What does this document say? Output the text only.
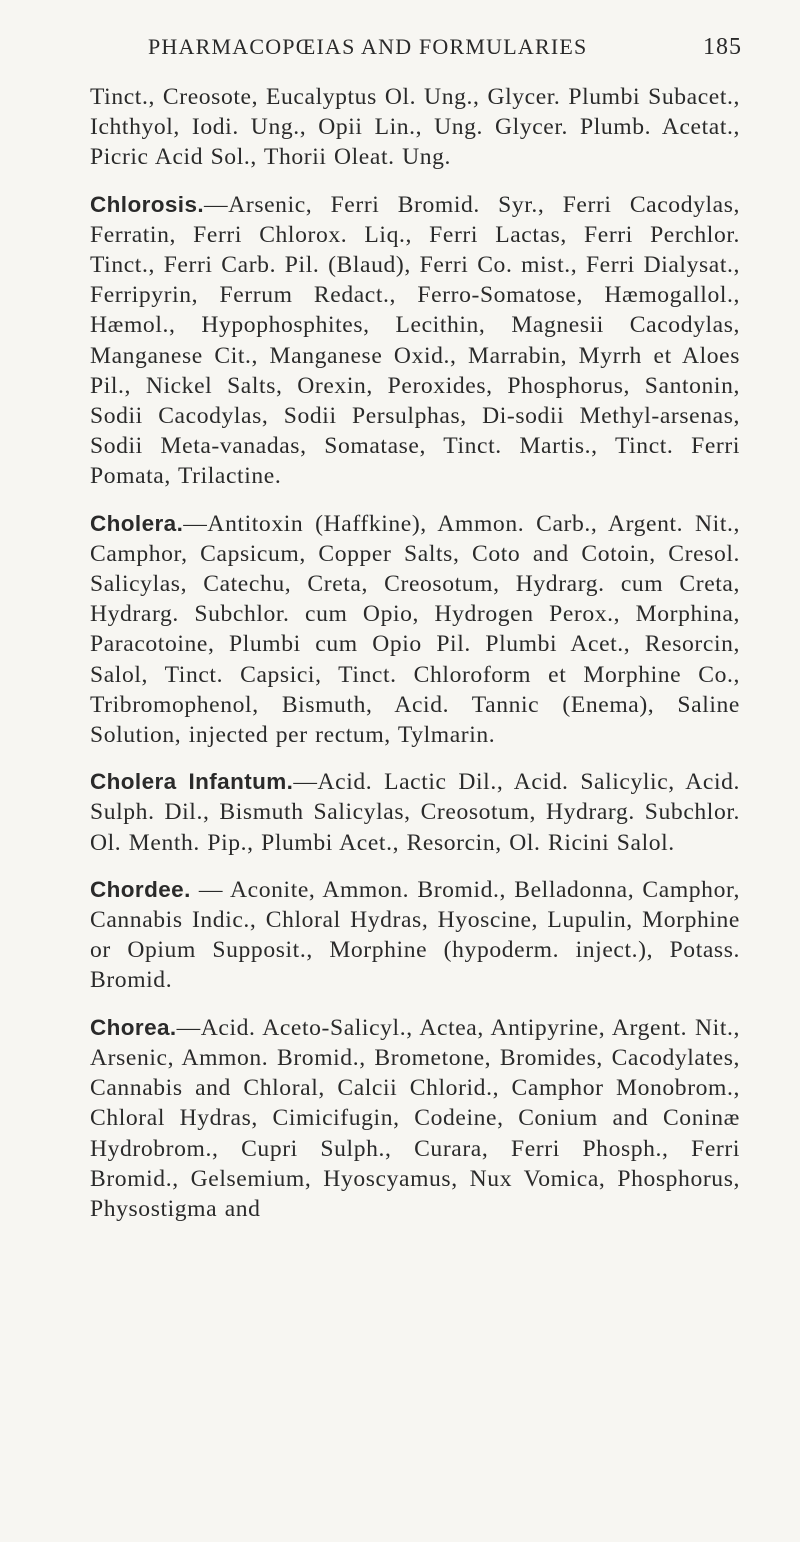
PHARMACOPŒIAS AND FORMULARIES	185

Tinct., Creosote, Eucalyptus Ol. Ung., Glycer. Plumbi Subacet., Ichthyol, Iodi. Ung., Opii Lin., Ung. Glycer. Plumb. Acetat., Picric Acid Sol., Thorii Oleat. Ung.

Chlorosis.—Arsenic, Ferri Bromid. Syr., Ferri Cacodylas, Ferratin, Ferri Chlorox. Liq., Ferri Lactas, Ferri Perchlor. Tinct., Ferri Carb. Pil. (Blaud), Ferri Co. mist., Ferri Dialysat., Ferripyrin, Ferrum Redact., Ferro-Somatose, Hæmogallol., Hæmol., Hypophosphites, Lecithin, Magnesii Cacodylas, Manganese Cit., Manganese Oxid., Marrabin, Myrrh et Aloes Pil., Nickel Salts, Orexin, Peroxides, Phosphorus, Santonin, Sodii Cacodylas, Sodii Persulphas, Di-sodii Methyl-arsenas, Sodii Meta-vanadas, Somatase, Tinct. Martis., Tinct. Ferri Pomata, Trilactine.

Cholera.—Antitoxin (Haffkine), Ammon. Carb., Argent. Nit., Camphor, Capsicum, Copper Salts, Coto and Cotoin, Cresol. Salicylas, Catechu, Creta, Creosotum, Hydrarg. cum Creta, Hydrarg. Subchlor. cum Opio, Hydrogen Perox., Morphina, Paracotoine, Plumbi cum Opio Pil. Plumbi Acet., Resorcin, Salol, Tinct. Capsici, Tinct. Chloroform et Morphine Co., Tribromophenol, Bismuth, Acid. Tannic (Enema), Saline Solution, injected per rectum, Tylmarin.

Cholera Infantum.—Acid. Lactic Dil., Acid. Salicylic, Acid. Sulph. Dil., Bismuth Salicylas, Creosotum, Hydrarg. Subchlor. Ol. Menth. Pip., Plumbi Acet., Resorcin, Ol. Ricini Salol.

Chordee. — Aconite, Ammon. Bromid., Belladonna, Camphor, Cannabis Indic., Chloral Hydras, Hyoscine, Lupulin, Morphine or Opium Supposit., Morphine (hypoderm. inject.), Potass. Bromid.

Chorea.—Acid. Aceto-Salicyl., Actea, Antipyrine, Argent. Nit., Arsenic, Ammon. Bromid., Brometone, Bromides, Cacodylates, Cannabis and Chloral, Calcii Chlorid., Camphor Monobrom., Chloral Hydras, Cimicifugin, Codeine, Conium and Coninæ Hydrobrom., Cupri Sulph., Curara, Ferri Phosph., Ferri Bromid., Gelsemium, Hyoscyamus, Nux Vomica, Phosphorus, Physostigma and
